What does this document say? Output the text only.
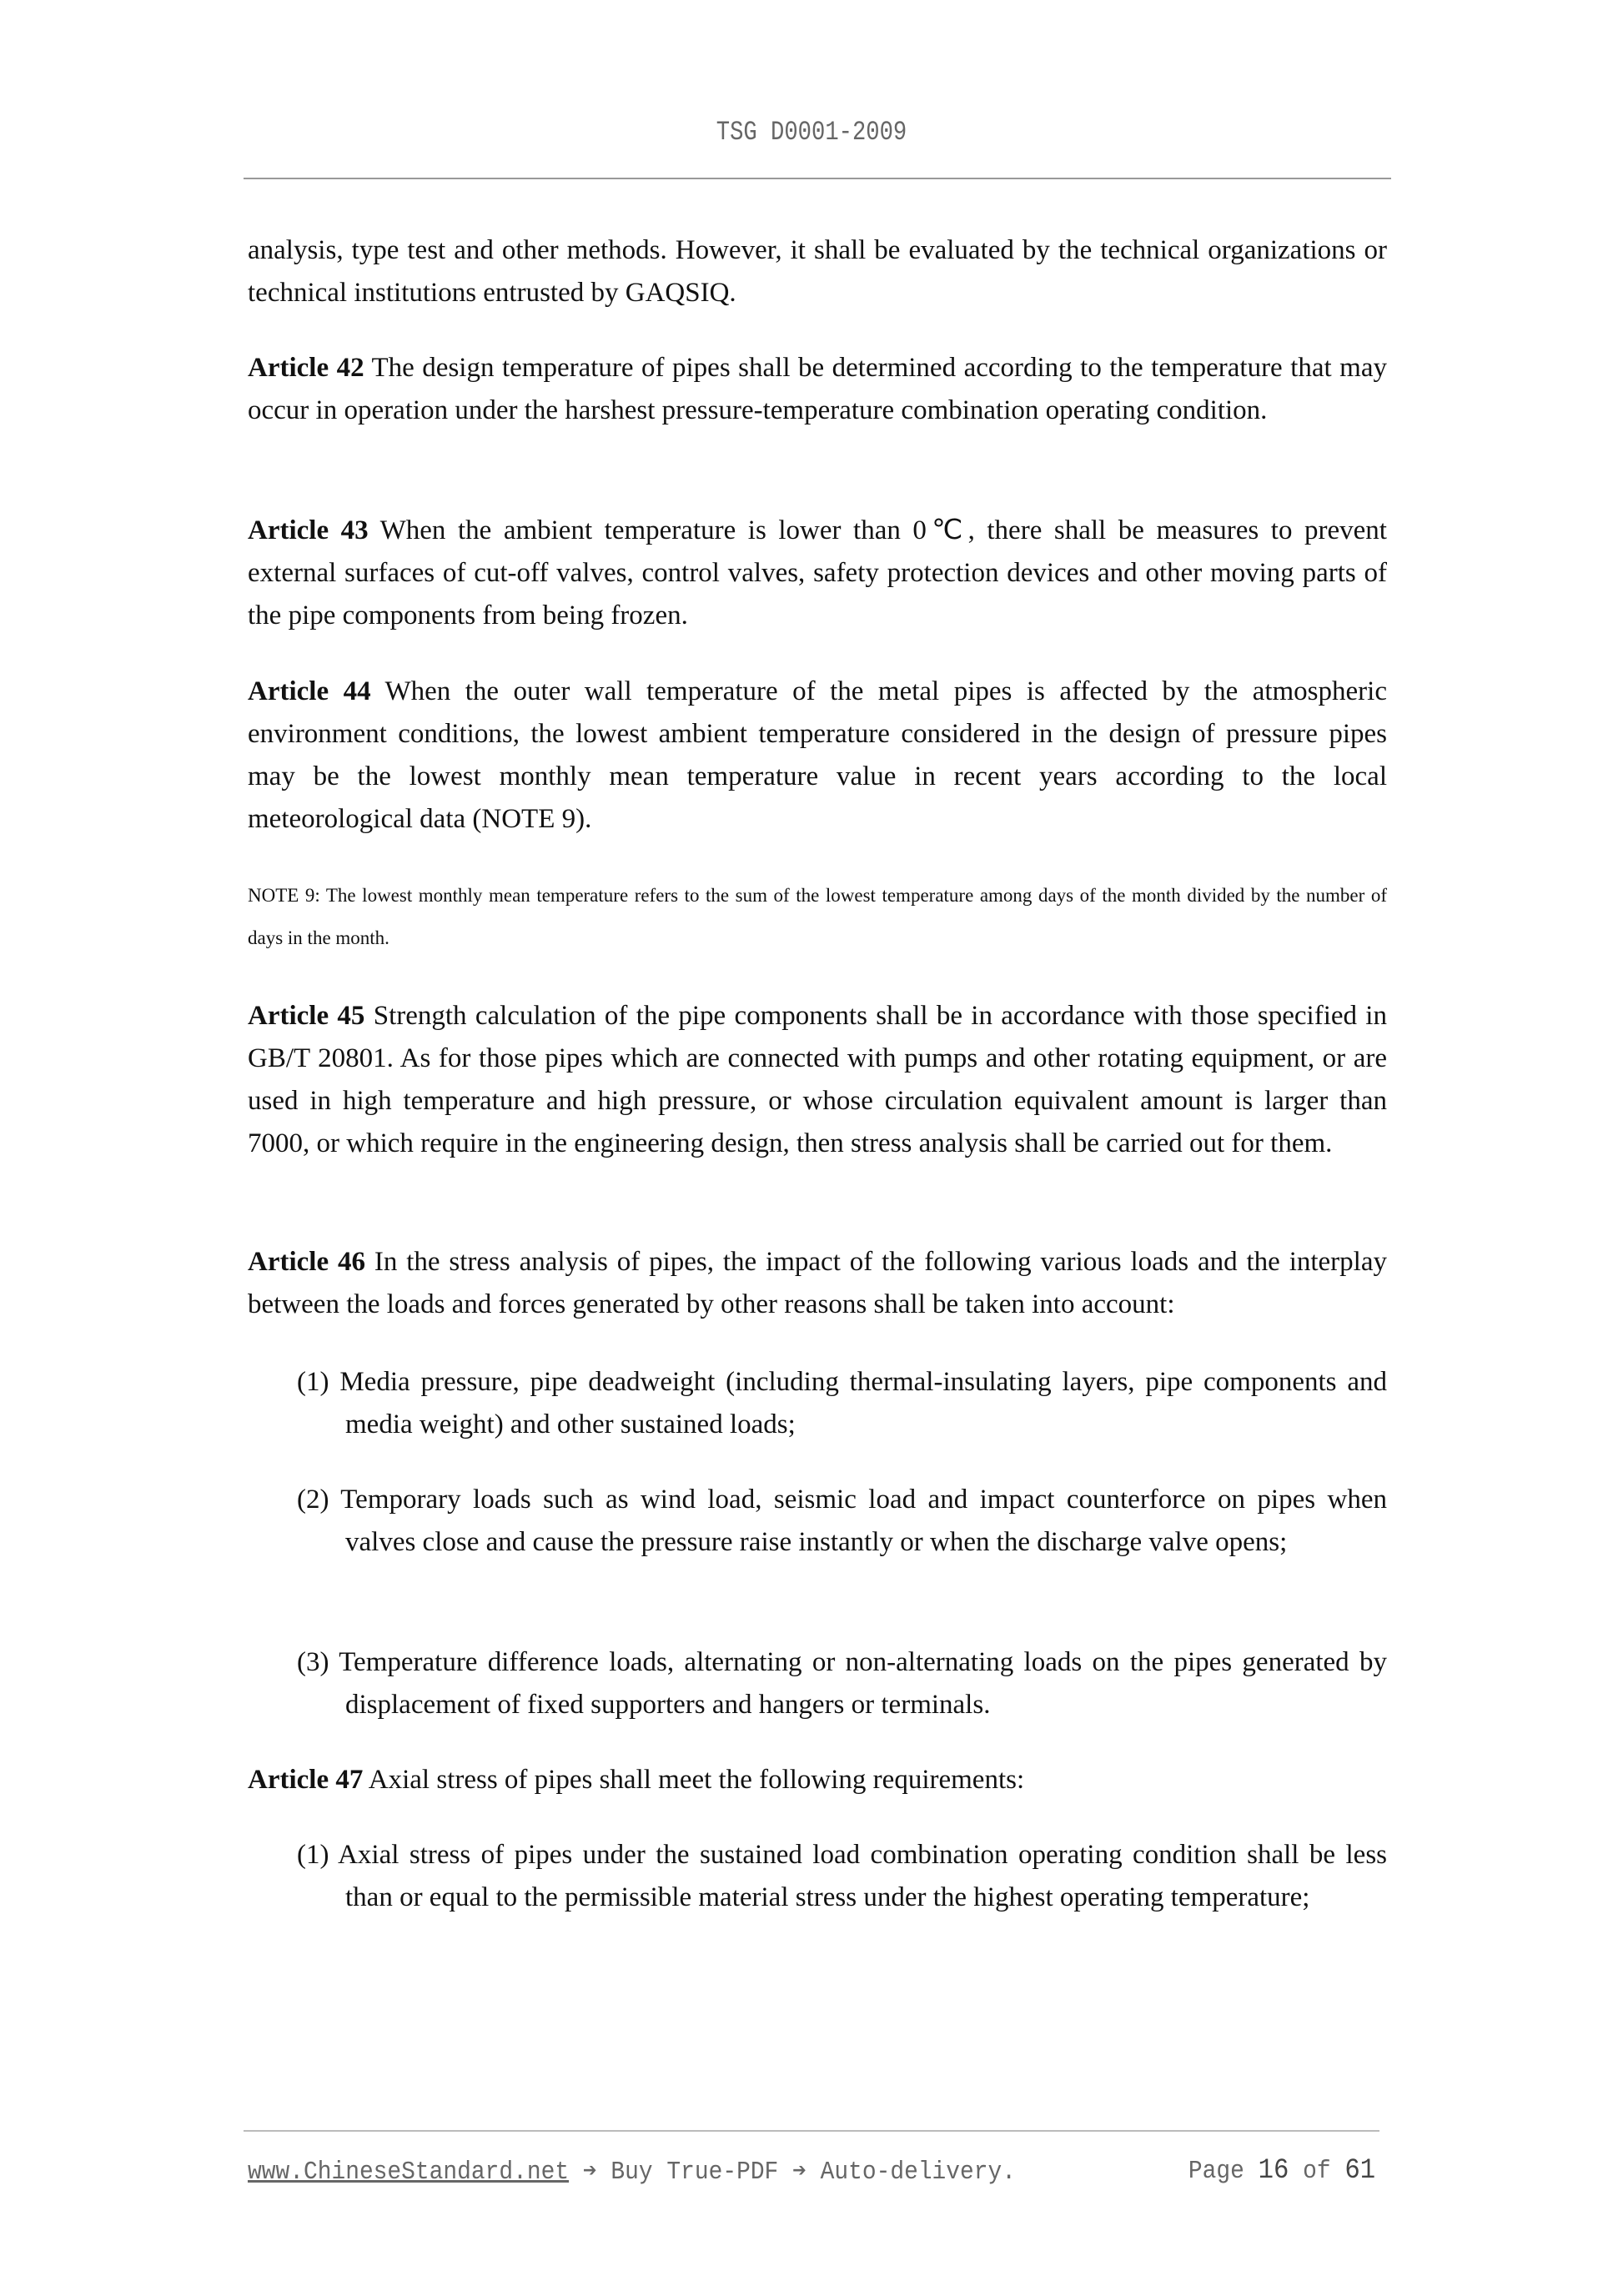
TSG D0001-2009

analysis, type test and other methods. However, it shall be evaluated by the technical organizations or technical institutions entrusted by GAQSIQ.

Article 42 The design temperature of pipes shall be determined according to the temperature that may occur in operation under the harshest pressure-temperature combination operating condition.

Article 43 When the ambient temperature is lower than 0℃, there shall be measures to prevent external surfaces of cut-off valves, control valves, safety protection devices and other moving parts of the pipe components from being frozen.

Article 44 When the outer wall temperature of the metal pipes is affected by the atmospheric environment conditions, the lowest ambient temperature considered in the design of pressure pipes may be the lowest monthly mean temperature value in recent years according to the local meteorological data (NOTE 9).

NOTE 9: The lowest monthly mean temperature refers to the sum of the lowest temperature among days of the month divided by the number of days in the month.

Article 45 Strength calculation of the pipe components shall be in accordance with those specified in GB/T 20801. As for those pipes which are connected with pumps and other rotating equipment, or are used in high temperature and high pressure, or whose circulation equivalent amount is larger than 7000, or which require in the engineering design, then stress analysis shall be carried out for them.

Article 46 In the stress analysis of pipes, the impact of the following various loads and the interplay between the loads and forces generated by other reasons shall be taken into account:

(1) Media pressure, pipe deadweight (including thermal-insulating layers, pipe components and media weight) and other sustained loads;

(2) Temporary loads such as wind load, seismic load and impact counterforce on pipes when valves close and cause the pressure raise instantly or when the discharge valve opens;

(3) Temperature difference loads, alternating or non-alternating loads on the pipes generated by displacement of fixed supporters and hangers or terminals.

Article 47 Axial stress of pipes shall meet the following requirements:

(1) Axial stress of pipes under the sustained load combination operating condition shall be less than or equal to the permissible material stress under the highest operating temperature;

www.ChineseStandard.net ➔ Buy True-PDF ➔ Auto-delivery.	Page 16 of 61
